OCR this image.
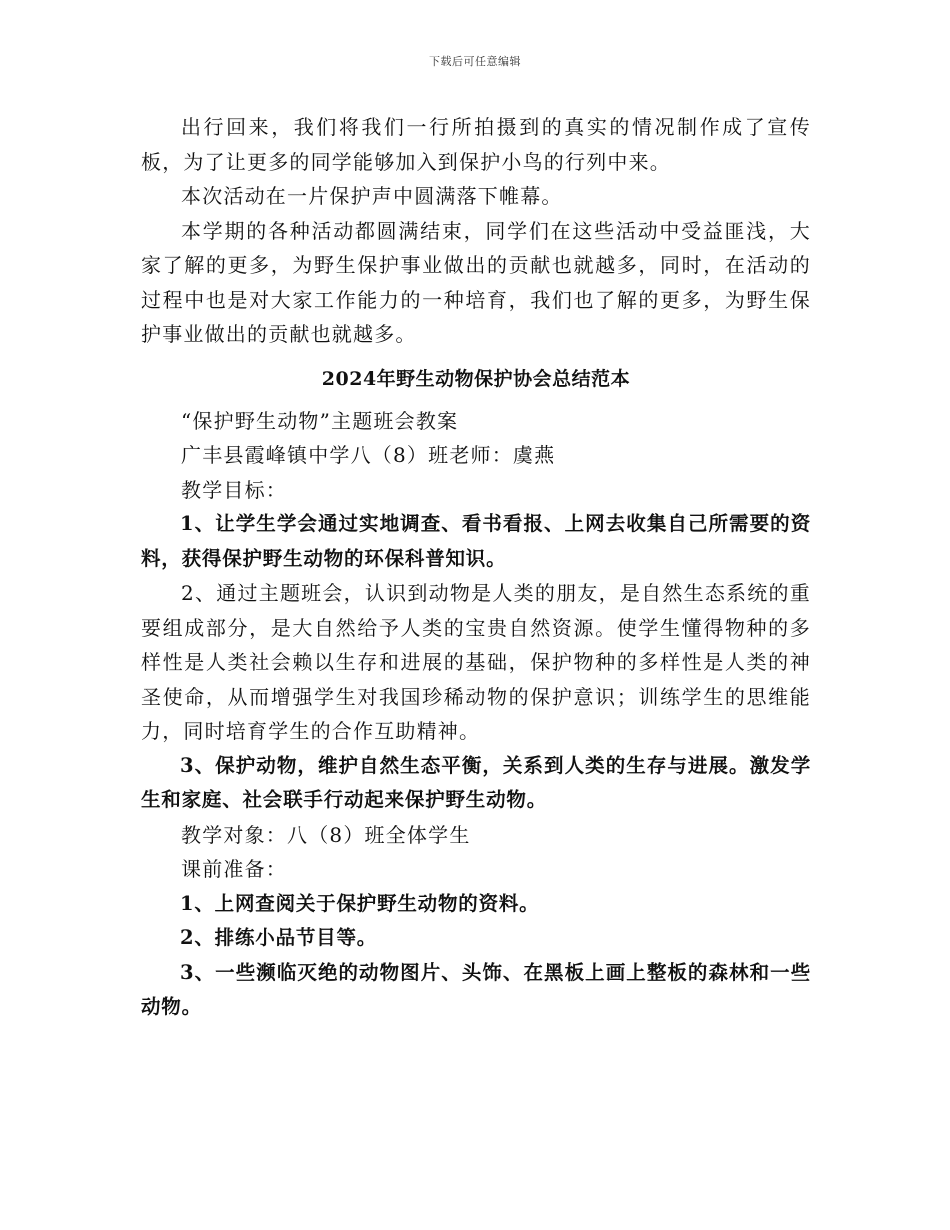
下载后可任意编辑

出行回来，我们将我们一行所拍摄到的真实的情况制作成了宣传板，为了让更多的同学能够加入到保护小鸟的行列中来。

本次活动在一片保护声中圆满落下帷幕。

本学期的各种活动都圆满结束，同学们在这些活动中受益匪浅，大家了解的更多，为野生保护事业做出的贡献也就越多，同时，在活动的过程中也是对大家工作能力的一种培育，我们也了解的更多，为野生保护事业做出的贡献也就越多。

2024年野生动物保护协会总结范本

“保护野生动物”主题班会教案

广丰县霞峰镇中学八（8）班老师：虞燕

教学目标：

1、让学生学会通过实地调查、看书看报、上网去收集自己所需要的资料，获得保护野生动物的环保科普知识。

2、通过主题班会，认识到动物是人类的朋友，是自然生态系统的重要组成部分，是大自然给予人类的宝贵自然资源。使学生懂得物种的多样性是人类社会赖以生存和进展的基础，保护物种的多样性是人类的神圣使命，从而增强学生对我国珍稀动物的保护意识；训练学生的思维能力，同时培育学生的合作互助精神。

3、保护动物，维护自然生态平衡，关系到人类的生存与进展。激发学生和家庭、社会联手行动起来保护野生动物。

教学对象：八（8）班全体学生

课前准备：

1、上网查阅关于保护野生动物的资料。

2、排练小品节目等。

3、一些濒临灭绝的动物图片、头饰、在黑板上画上整板的森林和一些动物。
